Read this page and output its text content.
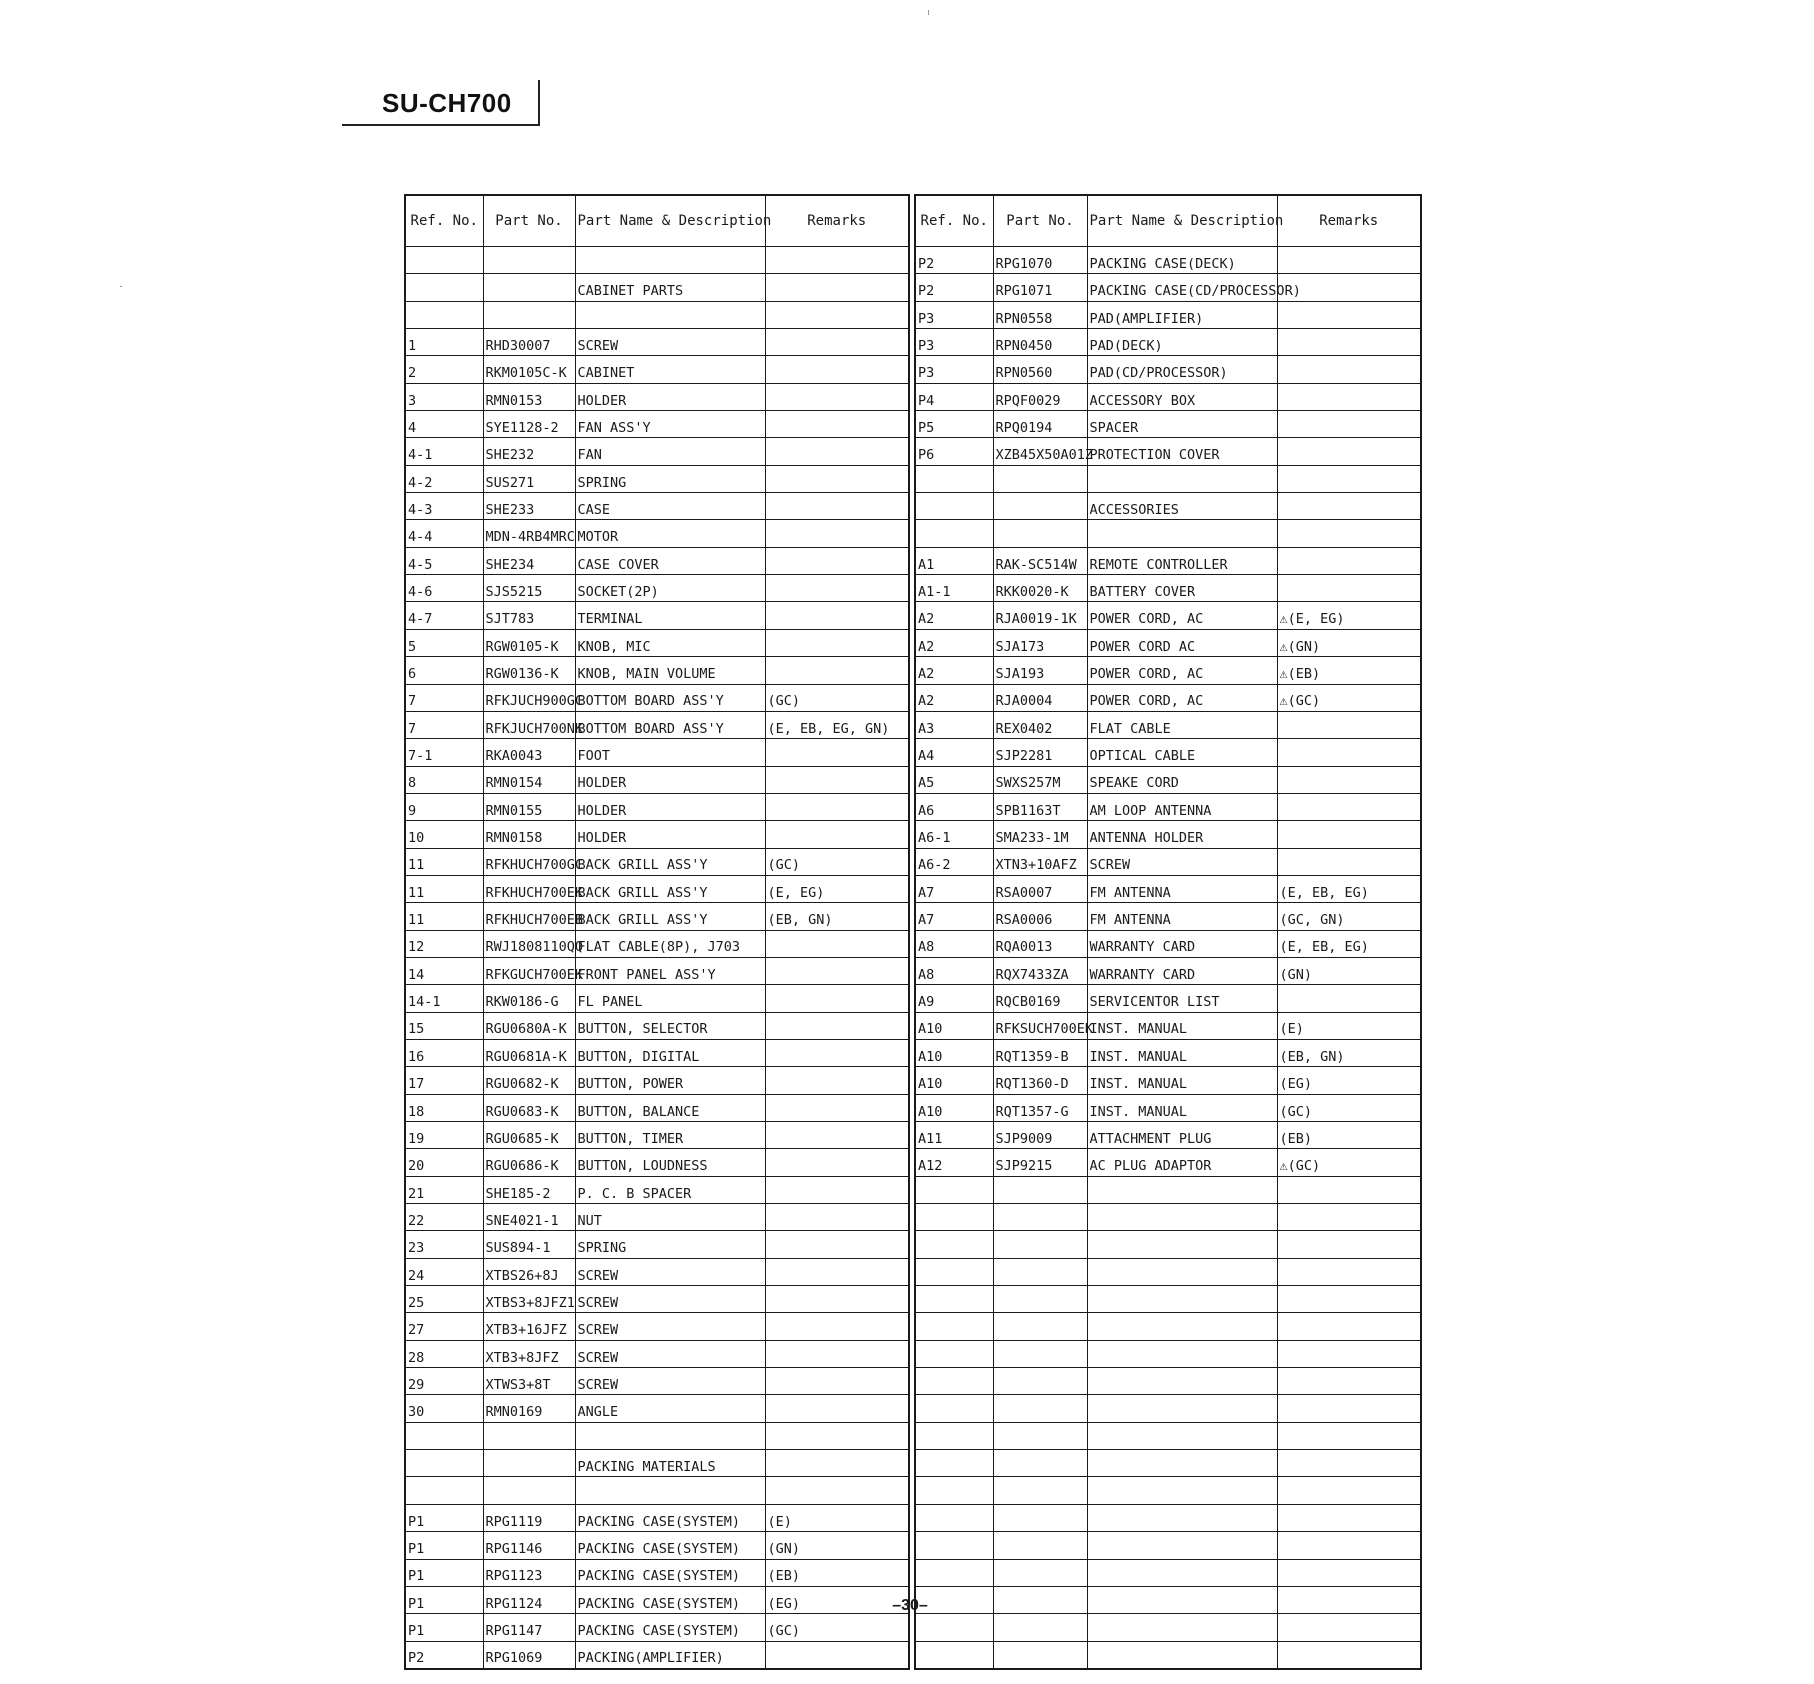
SU-CH700
Ref. No.	Part No.	Part Name & Description	Remarks

		CABINET PARTS	

1	RHD30007	SCREW	
2	RKM0105C-K	CABINET	
3	RMN0153	HOLDER	
4	SYE1128-2	FAN ASS'Y	
4-1	SHE232	FAN	
4-2	SUS271	SPRING	
4-3	SHE233	CASE	
4-4	MDN-4RB4MRC	MOTOR	
4-5	SHE234	CASE COVER	
4-6	SJS5215	SOCKET(2P)	
4-7	SJT783	TERMINAL	
5	RGW0105-K	KNOB, MIC	
6	RGW0136-K	KNOB, MAIN VOLUME	
7	RFKJUCH900GC	BOTTOM BOARD ASS'Y	(GC)
7	RFKJUCH700NK	BOTTOM BOARD ASS'Y	(E, EB, EG, GN)
7-1	RKA0043	FOOT	
8	RMN0154	HOLDER	
9	RMN0155	HOLDER	
10	RMN0158	HOLDER	
11	RFKHUCH700GC	BACK GRILL ASS'Y	(GC)
11	RFKHUCH700EK	BACK GRILL ASS'Y	(E, EG)
11	RFKHUCH700EB	BACK GRILL ASS'Y	(EB, GN)
12	RWJ1808110QQ	FLAT CABLE(8P), J703	
14	RFKGUCH700EK	FRONT PANEL ASS'Y	
14-1	RKW0186-G	FL PANEL	
15	RGU0680A-K	BUTTON, SELECTOR	
16	RGU0681A-K	BUTTON, DIGITAL	
17	RGU0682-K	BUTTON, POWER	
18	RGU0683-K	BUTTON, BALANCE	
19	RGU0685-K	BUTTON, TIMER	
20	RGU0686-K	BUTTON, LOUDNESS	
21	SHE185-2	P. C. B SPACER	
22	SNE4021-1	NUT	
23	SUS894-1	SPRING	
24	XTBS26+8J	SCREW	
25	XTBS3+8JFZ1	SCREW	
27	XTB3+16JFZ	SCREW	
28	XTB3+8JFZ	SCREW	
29	XTWS3+8T	SCREW	
30	RMN0169	ANGLE	

		PACKING MATERIALS	

P1	RPG1119	PACKING CASE(SYSTEM)	(E)
P1	RPG1146	PACKING CASE(SYSTEM)	(GN)
P1	RPG1123	PACKING CASE(SYSTEM)	(EB)
P1	RPG1124	PACKING CASE(SYSTEM)	(EG)
P1	RPG1147	PACKING CASE(SYSTEM)	(GC)
P2	RPG1069	PACKING(AMPLIFIER)	
Ref. No.	Part No.	Part Name & Description	Remarks
P2	RPG1070	PACKING CASE(DECK)	
P2	RPG1071	PACKING CASE(CD/PROCESSOR)	
P3	RPN0558	PAD(AMPLIFIER)	
P3	RPN0450	PAD(DECK)	
P3	RPN0560	PAD(CD/PROCESSOR)	
P4	RPQF0029	ACCESSORY BOX	
P5	RPQ0194	SPACER	
P6	XZB45X50A01Z	PROTECTION COVER	

		ACCESSORIES	

A1	RAK-SC514W	REMOTE CONTROLLER	
A1-1	RKK0020-K	BATTERY COVER	
A2	RJA0019-1K	POWER CORD, AC	⚠(E, EG)
A2	SJA173	POWER CORD AC	⚠(GN)
A2	SJA193	POWER CORD, AC	⚠(EB)
A2	RJA0004	POWER CORD, AC	⚠(GC)
A3	REX0402	FLAT CABLE	
A4	SJP2281	OPTICAL CABLE	
A5	SWXS257M	SPEAKE CORD	
A6	SPB1163T	AM LOOP ANTENNA	
A6-1	SMA233-1M	ANTENNA HOLDER	
A6-2	XTN3+10AFZ	SCREW	
A7	RSA0007	FM ANTENNA	(E, EB, EG)
A7	RSA0006	FM ANTENNA	(GC, GN)
A8	RQA0013	WARRANTY CARD	(E, EB, EG)
A8	RQX7433ZA	WARRANTY CARD	(GN)
A9	RQCB0169	SERVICENTOR LIST	
A10	RFKSUCH700EK	INST. MANUAL	(E)
A10	RQT1359-B	INST. MANUAL	(EB, GN)
A10	RQT1360-D	INST. MANUAL	(EG)
A10	RQT1357-G	INST. MANUAL	(GC)
A11	SJP9009	ATTACHMENT PLUG	(EB)
A12	SJP9215	AC PLUG ADAPTOR	⚠(GC)

–30–
